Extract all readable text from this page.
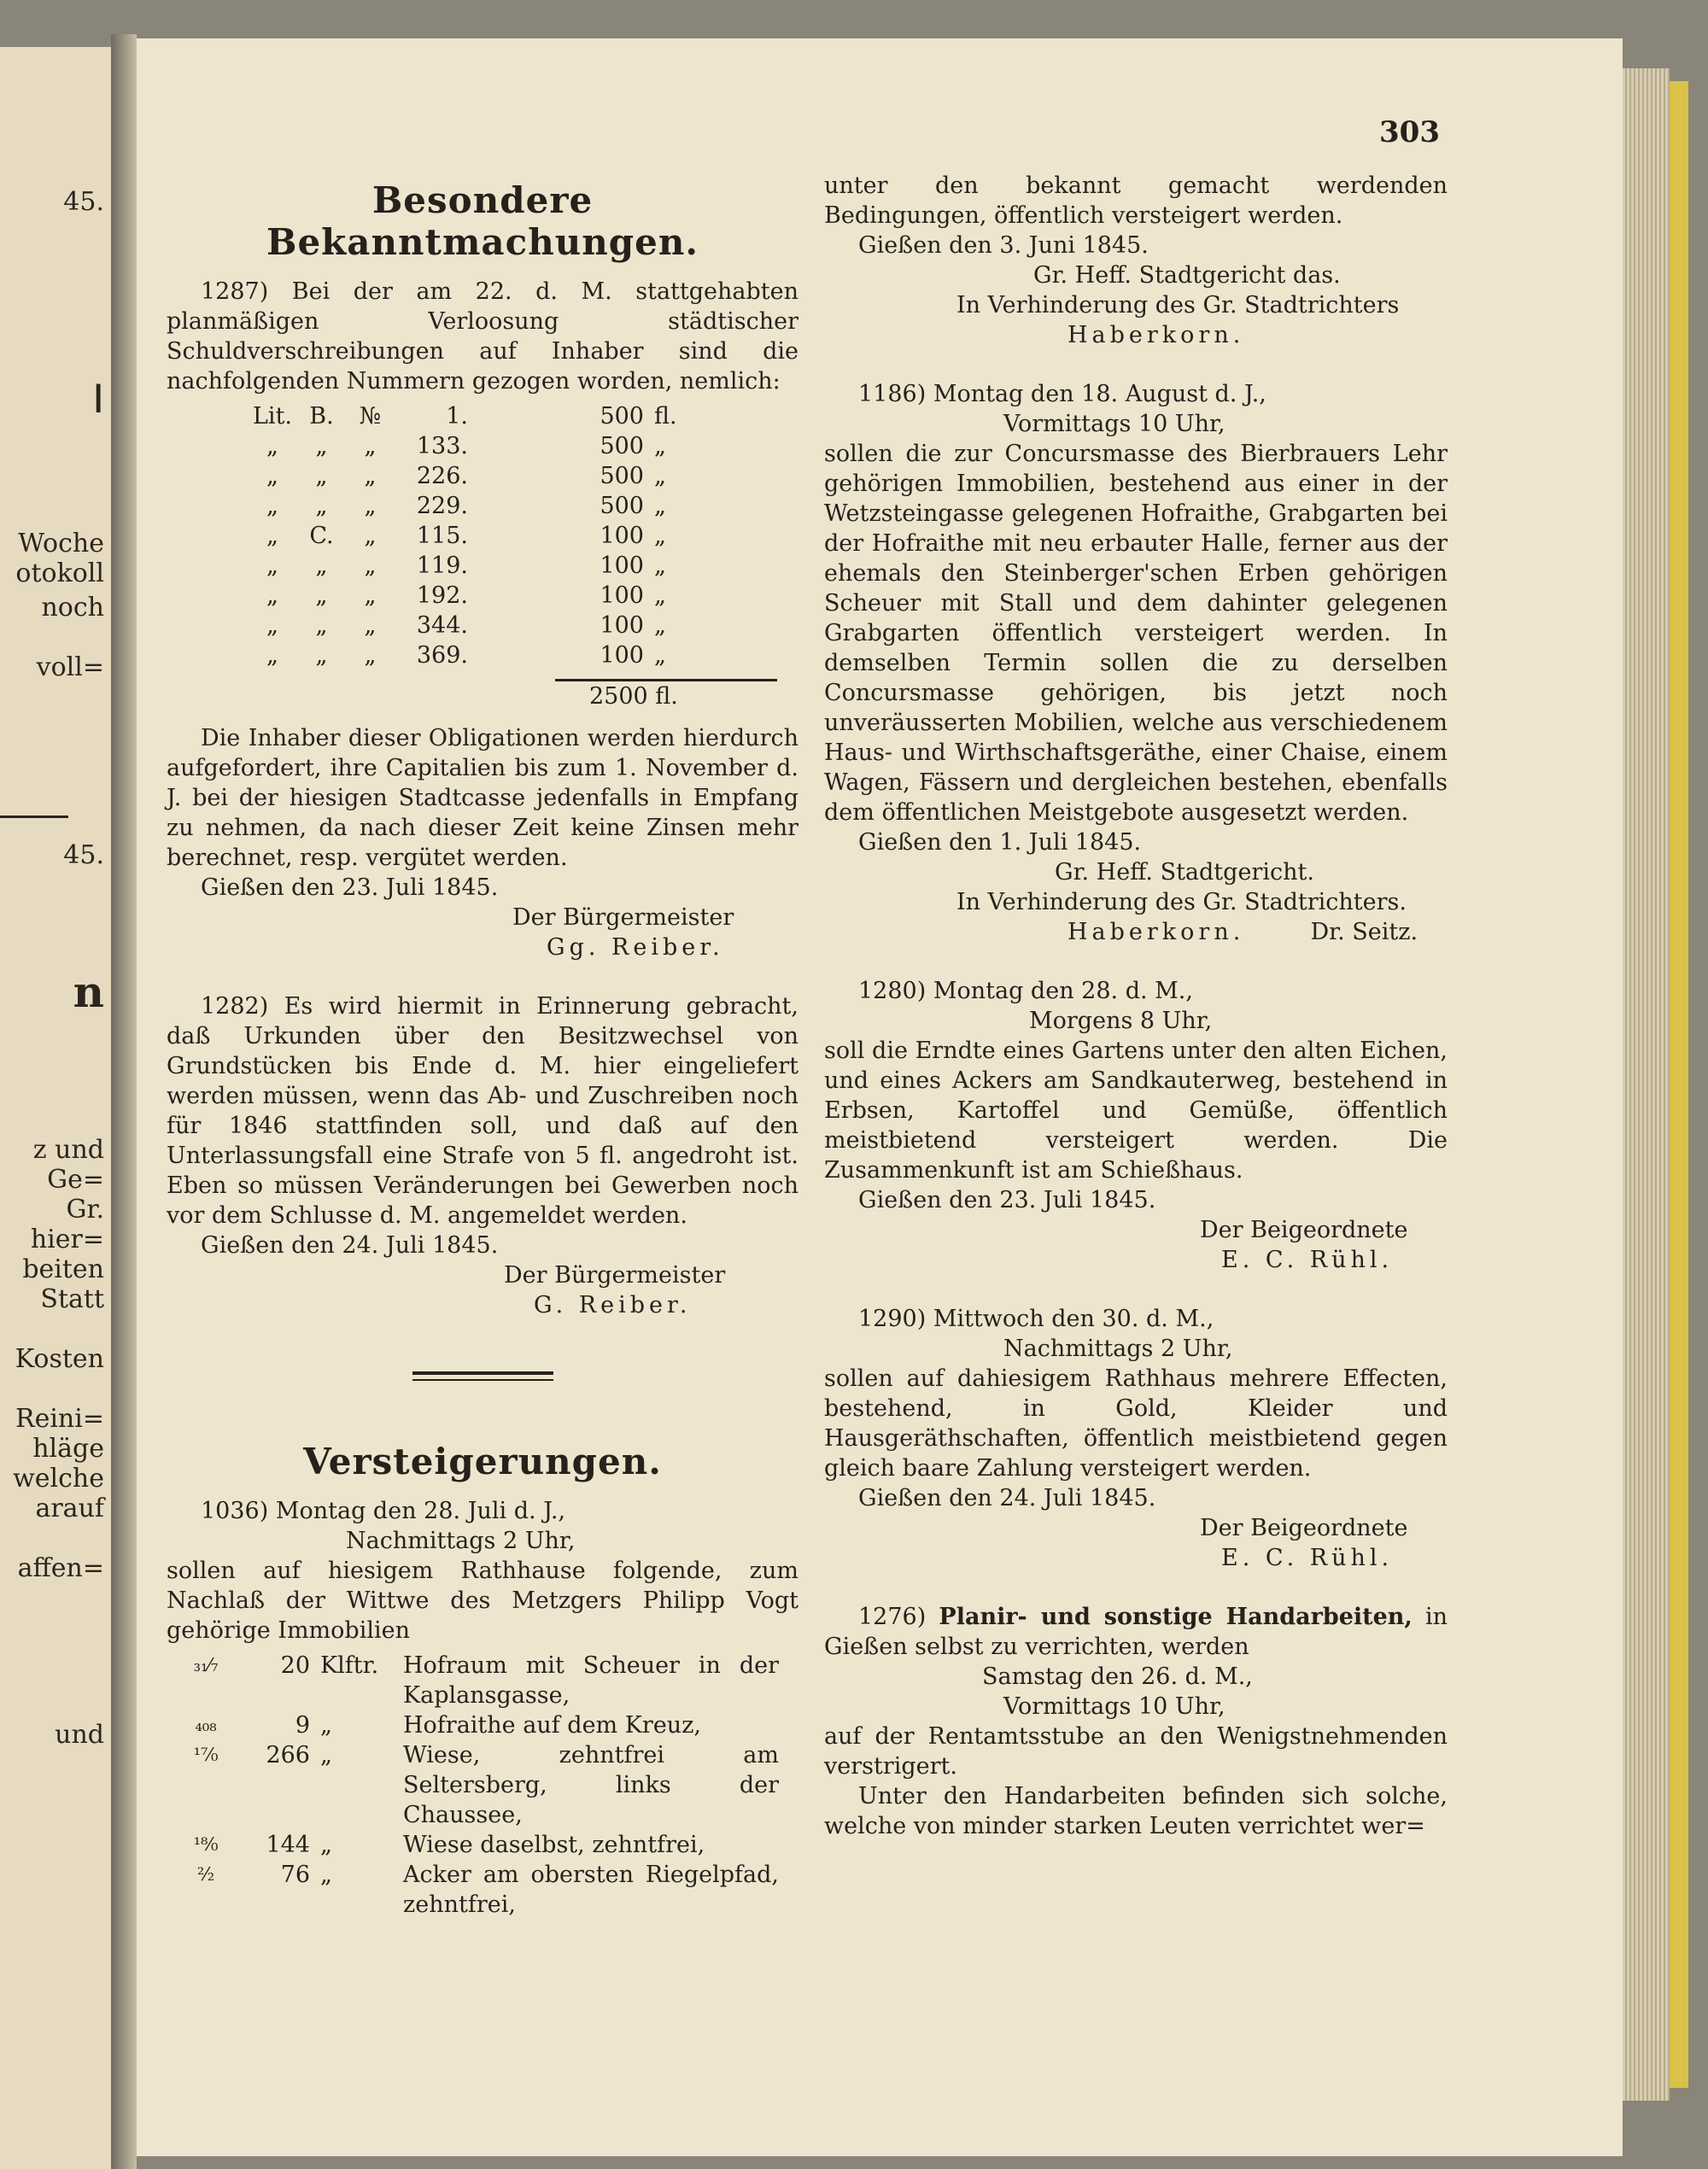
45.
ǀ
Woche
otokoll
noch
voll=
45.
n
z und
Ge=
Gr.
hier=
beiten
Statt
Kosten
Reini=
hläge
welche
arauf
affen=
und
303
Besondere Bekanntmachungen.

1287) Bei der am 22. d. M. stattgehabten planmäßigen Verloosung städtischer Schuldverschreibungen auf Inhaber sind die nachfolgenden Nummern gezogen worden, nemlich:

Lit.	B.	№	1.	500	fl.
„	„	„	133.	500	„
„	„	„	226.	500	„
„	„	„	229.	500	„
„	C.	„	115.	100	„
„	„	„	119.	100	„
„	„	„	192.	100	„
„	„	„	344.	100	„
„	„	„	369.	100	„
2500 fl.

Die Inhaber dieser Obligationen werden hierdurch aufgefordert, ihre Capitalien bis zum 1. November d. J. bei der hiesigen Stadtcasse jedenfalls in Empfang zu nehmen, da nach dieser Zeit keine Zinsen mehr berechnet, resp. vergütet werden.

Gießen den 23. Juli 1845.

Der Bürgermeister

Gg. Reiber.

1282) Es wird hiermit in Erinnerung gebracht, daß Urkunden über den Besitzwechsel von Grundstücken bis Ende d. M. hier eingeliefert werden müssen, wenn das Ab- und Zuschreiben noch für 1846 stattfinden soll, und daß auf den Unterlassungsfall eine Strafe von 5 fl. angedroht ist. Eben so müssen Veränderungen bei Gewerben noch vor dem Schlusse d. M. angemeldet werden.

Gießen den 24. Juli 1845.

Der Bürgermeister

G. Reiber.

Versteigerungen.

1036) Montag den 28. Juli d. J.,

Nachmittags 2 Uhr,

sollen auf hiesigem Rathhause folgende, zum Nachlaß der Wittwe des Metzgers Philipp Vogt gehörige Immobilien

₃₁⁄₇	20	Klftr.	Hofraum mit Scheuer in der Kaplansgasse,
₄₀₈	9	„	Hofraithe auf dem Kreuz,
¹⁷⁄₀	266	„	Wiese, zehntfrei am Seltersberg, links der Chaussee,
¹⁸⁄₀	144	„	Wiese daselbst, zehntfrei,
²⁄₂	76	„	Acker am obersten Riegelpfad, zehntfrei,

unter den bekannt gemacht werdenden Bedingungen, öffentlich versteigert werden.

Gießen den 3. Juni 1845.

Gr. Heff. Stadtgericht das.

In Verhinderung des Gr. Stadtrichters

Haberkorn.

1186) Montag den 18. August d. J.,

Vormittags 10 Uhr,

sollen die zur Concursmasse des Bierbrauers Lehr gehörigen Immobilien, bestehend aus einer in der Wetzsteingasse gelegenen Hofraithe, Grabgarten bei der Hofraithe mit neu erbauter Halle, ferner aus der ehemals den Steinberger'schen Erben gehörigen Scheuer mit Stall und dem dahinter gelegenen Grabgarten öffentlich versteigert werden. In demselben Termin sollen die zu derselben Concursmasse gehörigen, bis jetzt noch unveräusserten Mobilien, welche aus verschiedenem Haus- und Wirthschaftsgeräthe, einer Chaise, einem Wagen, Fässern und dergleichen bestehen, ebenfalls dem öffentlichen Meistgebote ausgesetzt werden.

Gießen den 1. Juli 1845.

Gr. Heff. Stadtgericht.

In Verhinderung des Gr. Stadtrichters.

Haberkorn.	Dr. Seitz.

1280) Montag den 28. d. M.,

Morgens 8 Uhr,

soll die Erndte eines Gartens unter den alten Eichen, und eines Ackers am Sandkauterweg, bestehend in Erbsen, Kartoffel und Gemüße, öffentlich meistbietend versteigert werden. Die Zusammenkunft ist am Schießhaus.

Gießen den 23. Juli 1845.

Der Beigeordnete

E. C. Rühl.

1290) Mittwoch den 30. d. M.,

Nachmittags 2 Uhr,

sollen auf dahiesigem Rathhaus mehrere Effecten, bestehend, in Gold, Kleider und Hausgeräthschaften, öffentlich meistbietend gegen gleich baare Zahlung versteigert werden.

Gießen den 24. Juli 1845.

Der Beigeordnete

E. C. Rühl.

1276) Planir- und sonstige Handarbeiten, in Gießen selbst zu verrichten, werden

Samstag den 26. d. M.,

Vormittags 10 Uhr,

auf der Rentamtsstube an den Wenigstnehmenden verstrigert.

Unter den Handarbeiten befinden sich solche, welche von minder starken Leuten verrichtet wer=
